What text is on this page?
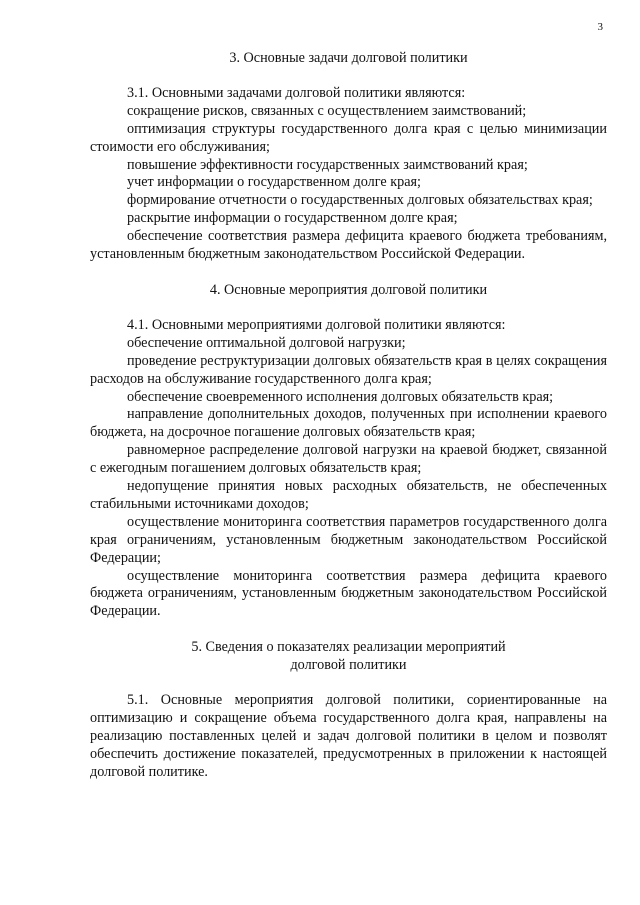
3
3. Основные задачи долговой политики

3.1. Основными задачами долговой политики являются:

сокращение рисков, связанных с осуществлением заимствований;

оптимизация структуры государственного долга края с целью минимизации стоимости его обслуживания;

повышение эффективности государственных заимствований края;

учет информации о государственном долге края;

формирование отчетности о государственных долговых обязательствах края;

раскрытие информации о государственном долге края;

обеспечение соответствия размера дефицита краевого бюджета требованиям, установленным бюджетным законодательством Российской Федерации.

4. Основные мероприятия долговой политики

4.1. Основными мероприятиями долговой политики являются:

обеспечение оптимальной долговой нагрузки;

проведение реструктуризации долговых обязательств края в целях сокращения расходов на обслуживание государственного долга края;

обеспечение своевременного исполнения долговых обязательств края;

направление дополнительных доходов, полученных при исполнении краевого бюджета, на досрочное погашение долговых обязательств края;

равномерное распределение долговой нагрузки на краевой бюджет, связанной с ежегодным погашением долговых обязательств края;

недопущение принятия новых расходных обязательств, не обеспеченных стабильными источниками доходов;

осуществление мониторинга соответствия параметров государственного долга края ограничениям, установленным бюджетным законодательством Российской Федерации;

осуществление мониторинга соответствия размера дефицита краевого бюджета ограничениям, установленным бюджетным законодательством Российской Федерации.

5. Сведения о показателях реализации мероприятий
долговой политики

5.1. Основные мероприятия долговой политики, сориентированные на оптимизацию и сокращение объема государственного долга края, направлены на реализацию поставленных целей и задач долговой политики в целом и позволят обеспечить достижение показателей, предусмотренных в приложении к настоящей долговой политике.
